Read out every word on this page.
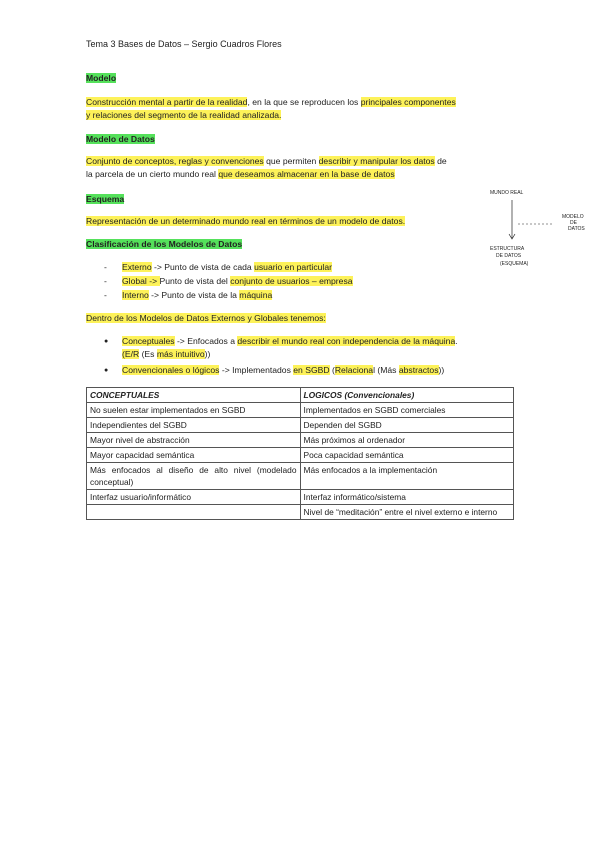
Tema 3 Bases de Datos – Sergio Cuadros Flores
Modelo
Construcción mental a partir de la realidad, en la que se reproducen los principales componentes
y relaciones del segmento de la realidad analizada.
Modelo de Datos
Conjunto de conceptos, reglas y convenciones que permiten describir y manipular los datos de
la parcela de un cierto mundo real que deseamos almacenar en la base de datos
Esquema
Representación de un determinado mundo real en términos de un modelo de datos.
Clasificación de los Modelos de Datos
- Externo -> Punto de vista de cada usuario en particular
- Global -> Punto de vista del conjunto de usuarios – empresa
- Interno -> Punto de vista de la máquina
Dentro de los Modelos de Datos Externos y Globales tenemos:
● Conceptuales -> Enfocados a describir el mundo real con independencia de la máquina.
(E/R (Es más intuitivo))
● Convencionales o lógicos -> Implementados en SGBD (Relacional (Más abstractos))
CONCEPTUALES	LOGICOS (Convencionales)
No suelen estar implementados en SGBD	Implementados en SGBD comerciales
Independientes del SGBD	Dependen del SGBD
Mayor nivel de abstracción	Más próximos al ordenador
Mayor capacidad semántica	Poca capacidad semántica
Más enfocados al diseño de alto nivel (modelado conceptual)	Más enfocados a la implementación
Interfaz usuario/informático	Interfaz informático/sistema
	Nivel de “meditación” entre el nivel externo e interno
MUNDO REAL
MODELO
DE
DATOS
ESTRUCTURA
DE DATOS
(ESQUEMA)
